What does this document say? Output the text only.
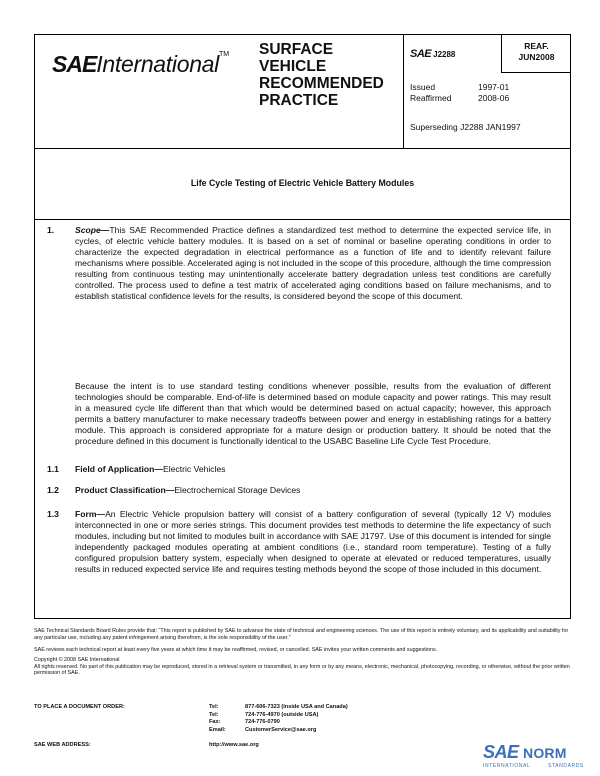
SAEInternational™ SURFACE
VEHICLE
RECOMMENDED
PRACTICE
SAE J2288
REAF.
JUN2008
Issued	1997-01
Reaffirmed	2008-06
Superseding J2288 JAN1997
Life Cycle Testing of Electric Vehicle Battery Modules
1. Scope—This SAE Recommended Practice defines a standardized test method to determine the expected service life, in cycles, of electric vehicle battery modules. It is based on a set of nominal or baseline operating conditions in order to characterize the expected degradation in electrical performance as a function of life and to identify relevant failure mechanisms where possible. Accelerated aging is not included in the scope of this procedure, although the time compression resulting from continuous testing may unintentionally accelerate battery degradation unless test conditions are carefully controlled. The process used to define a test matrix of accelerated aging conditions based on failure mechanisms, and to establish statistical confidence levels for the results, is considered beyond the scope of this document.
Because the intent is to use standard testing conditions whenever possible, results from the evaluation of different technologies should be comparable. End-of-life is determined based on module capacity and power ratings. This may result in a measured cycle life different than that which would be determined based on actual capacity; however, this approach permits a battery manufacturer to make necessary tradeoffs between power and energy in establishing ratings for a battery module. This approach is considered appropriate for a mature design or production battery. It should be noted that the procedure defined in this document is functionally identical to the USABC Baseline Life Cycle Test Procedure.
1.1 Field of Application—Electric Vehicles
1.2 Product Classification—Electrochemical Storage Devices
1.3 Form—An Electric Vehicle propulsion battery will consist of a battery configuration of several (typically 12 V) modules interconnected in one or more series strings. This document provides test methods to determine the life expectancy of such modules, including but not limited to modules built in accordance with SAE J1797. Use of this document is intended for single independently packaged modules operating at ambient conditions (i.e., standard room temperature). Testing of a fully configured propulsion battery system, especially when designed to operate at elevated or reduced temperatures, usually results in reduced expected service life and requires testing methods beyond the scope of those included in this document.
SAE Technical Standards Board Rules provide that: “This report is published by SAE to advance the state of technical and engineering sciences. The use of this report is entirely voluntary, and its applicability and suitability for any particular use, including any patent infringement arising therefrom, is the sole responsibility of the user.”
SAE reviews each technical report at least every five years at which time it may be reaffirmed, revised, or cancelled. SAE invites your written comments and suggestions.
Copyright © 2008 SAE International
All rights reserved. No part of this publication may be reproduced, stored in a retrieval system or transmitted, in any form or by any means, electronic, mechanical, photocopying, recording, or otherwise, without the prior written permission of SAE.
TO PLACE A DOCUMENT ORDER:	Tel:	877-606-7323 (inside USA and Canada)
Tel:	724-776-4970 (outside USA)
Fax:	724-776-0790
Email:	CustomerService@sae.org
SAE WEB ADDRESS:	http://www.sae.org	SAE NORM
INTERNATIONAL	STANDARDS
